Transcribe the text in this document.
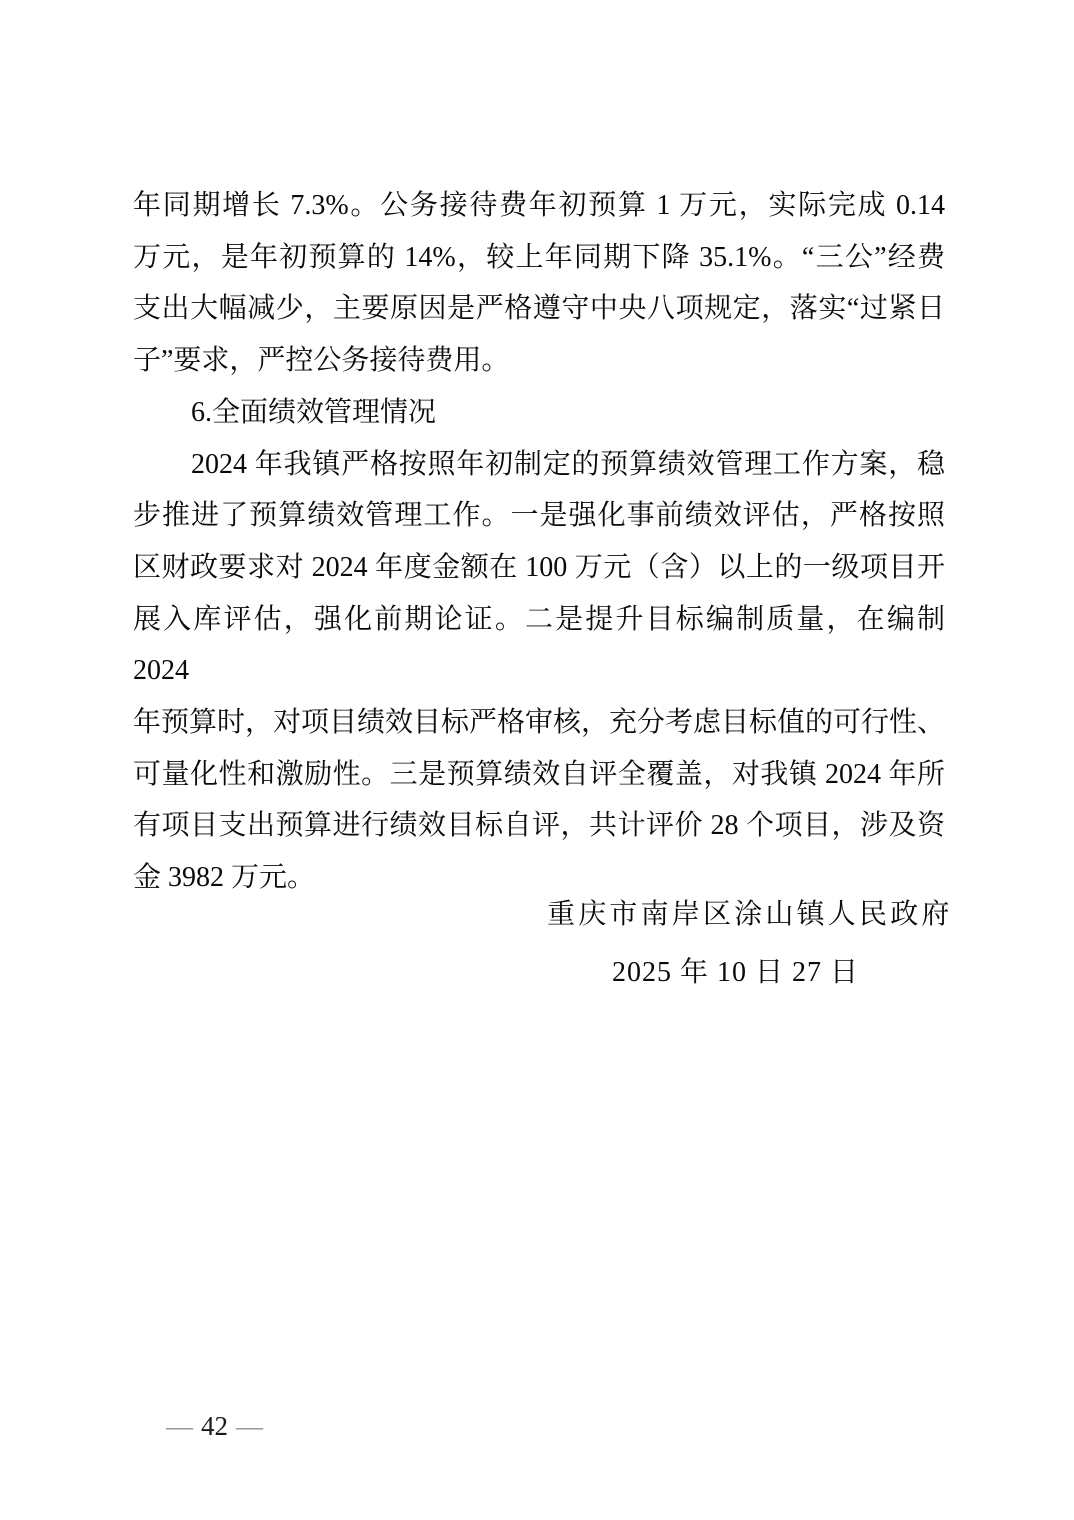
年同期增长 7.3%。公务接待费年初预算 1 万元，实际完成 0.14
万元，是年初预算的 14%，较上年同期下降 35.1%。“三公”经费
支出大幅减少，主要原因是严格遵守中央八项规定，落实“过紧日
子”要求，严控公务接待费用。
6.全面绩效管理情况
2024 年我镇严格按照年初制定的预算绩效管理工作方案，稳
步推进了预算绩效管理工作。一是强化事前绩效评估，严格按照
区财政要求对 2024 年度金额在 100 万元（含）以上的一级项目开
展入库评估，强化前期论证。二是提升目标编制质量，在编制 2024
年预算时，对项目绩效目标严格审核，充分考虑目标值的可行性、
可量化性和激励性。三是预算绩效自评全覆盖，对我镇 2024 年所
有项目支出预算进行绩效目标自评，共计评价 28 个项目，涉及资
金 3982 万元。
重庆市南岸区涂山镇人民政府
2025 年 10 日 27 日
— 42 —
